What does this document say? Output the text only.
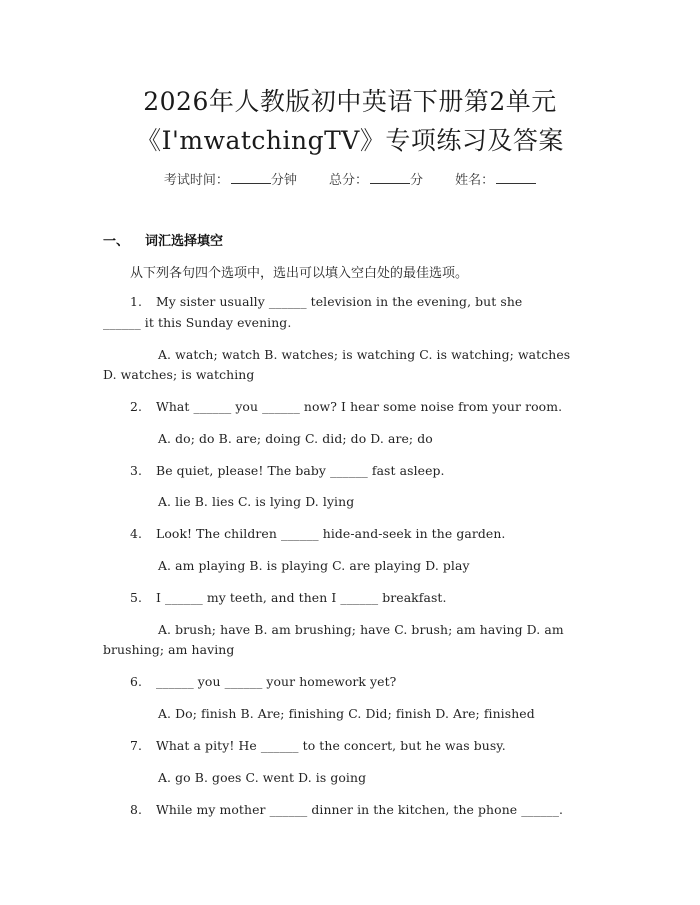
2026年人教版初中英语下册第2单元
《I'mwatchingTV》专项练习及答案
考试时间：	分钟 总分：	分 姓名：
一、 词汇选择填空
从下列各句四个选项中，选出可以填入空白处的最佳选项。
1. My sister usually ______ television in the evening, but she
______ it this Sunday evening.
A. watch; watch B. watches; is watching C. is watching; watches
D. watches; is watching
2. What ______ you ______ now? I hear some noise from your room.
A. do; do B. are; doing C. did; do D. are; do
3. Be quiet, please! The baby ______ fast asleep.
A. lie B. lies C. is lying D. lying
4. Look! The children ______ hide-and-seek in the garden.
A. am playing B. is playing C. are playing D. play
5. I ______ my teeth, and then I ______ breakfast.
A. brush; have B. am brushing; have C. brush; am having D. am
brushing; am having
6. ______ you ______ your homework yet?
A. Do; finish B. Are; finishing C. Did; finish D. Are; finished
7. What a pity! He ______ to the concert, but he was busy.
A. go B. goes C. went D. is going
8. While my mother ______ dinner in the kitchen, the phone ______.
